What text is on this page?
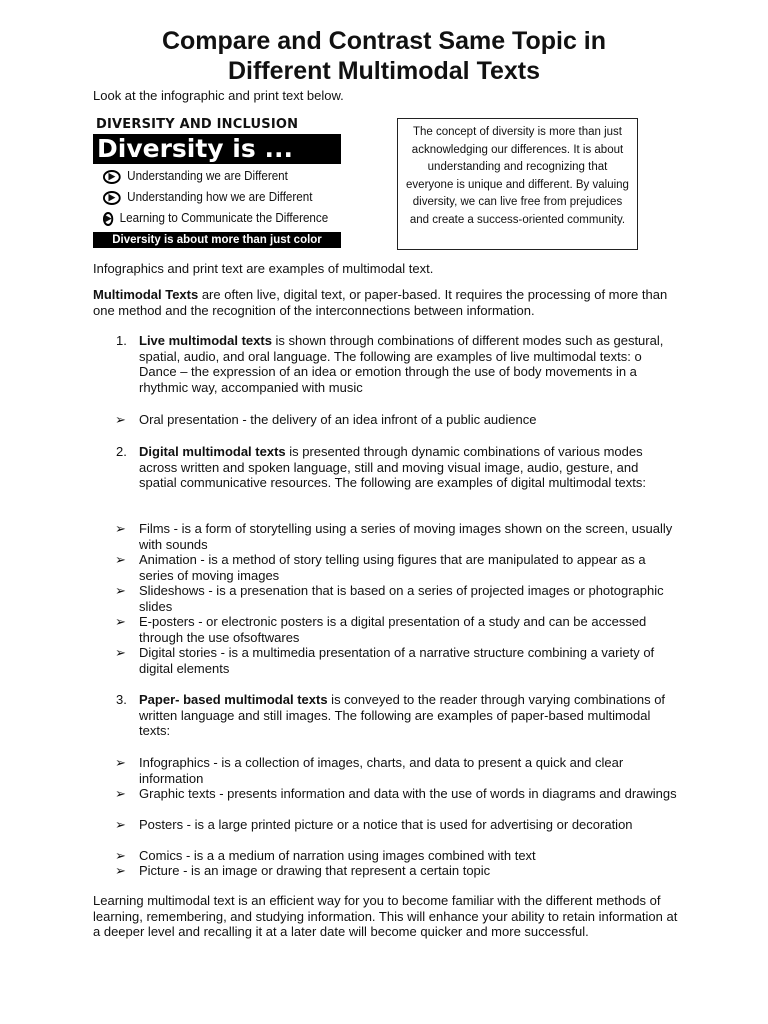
Compare and Contrast Same Topic in
Different Multimodal Texts
Look at the infographic and print text below.
DIVERSITY AND INCLUSION
Diversity is ...
▶ Understanding we are Different
▶ Understanding how we are Different
▶ Learning to Communicate the Difference
Diversity is about more than just color
The concept of diversity is more than just acknowledging our differences. It is about understanding and recognizing that everyone is unique and different. By valuing diversity, we can live free from prejudices and create a success-oriented community.
Infographics and print text are examples of multimodal text.
Multimodal Texts are often live, digital text, or paper-based. It requires the processing of more than one method and the recognition of the interconnections between information.
1. Live multimodal texts is shown through combinations of different modes such as gestural, spatial, audio, and oral language. The following are examples of live multimodal texts: o Dance – the expression of an idea or emotion through the use of body movements in a rhythmic way, accompanied with music
➢ Oral presentation - the delivery of an idea infront of a public audience
2. Digital multimodal texts is presented through dynamic combinations of various modes across written and spoken language, still and moving visual image, audio, gesture, and spatial communicative resources. The following are examples of digital multimodal texts:
➢ Films - is a form of storytelling using a series of moving images shown on the screen, usually with sounds
➢ Animation - is a method of story telling using figures that are manipulated to appear as a series of moving images
➢ Slideshows - is a presenation that is based on a series of projected images or photographic slides
➢ E-posters - or electronic posters is a digital presentation of a study and can be accessed through the use ofsoftwares
➢ Digital stories - is a multimedia presentation of a narrative structure combining a variety of digital elements
3. Paper- based multimodal texts is conveyed to the reader through varying combinations of written language and still images. The following are examples of paper-based multimodal texts:
➢ Infographics - is a collection of images, charts, and data to present a quick and clear information
➢ Graphic texts - presents information and data with the use of words in diagrams and drawings
➢ Posters - is a large printed picture or a notice that is used for advertising or decoration
➢ Comics - is a a medium of narration using images combined with text
➢ Picture - is an image or drawing that represent a certain topic
Learning multimodal text is an efficient way for you to become familiar with the different methods of learning, remembering, and studying information. This will enhance your ability to retain information at a deeper level and recalling it at a later date will become quicker and more successful.
